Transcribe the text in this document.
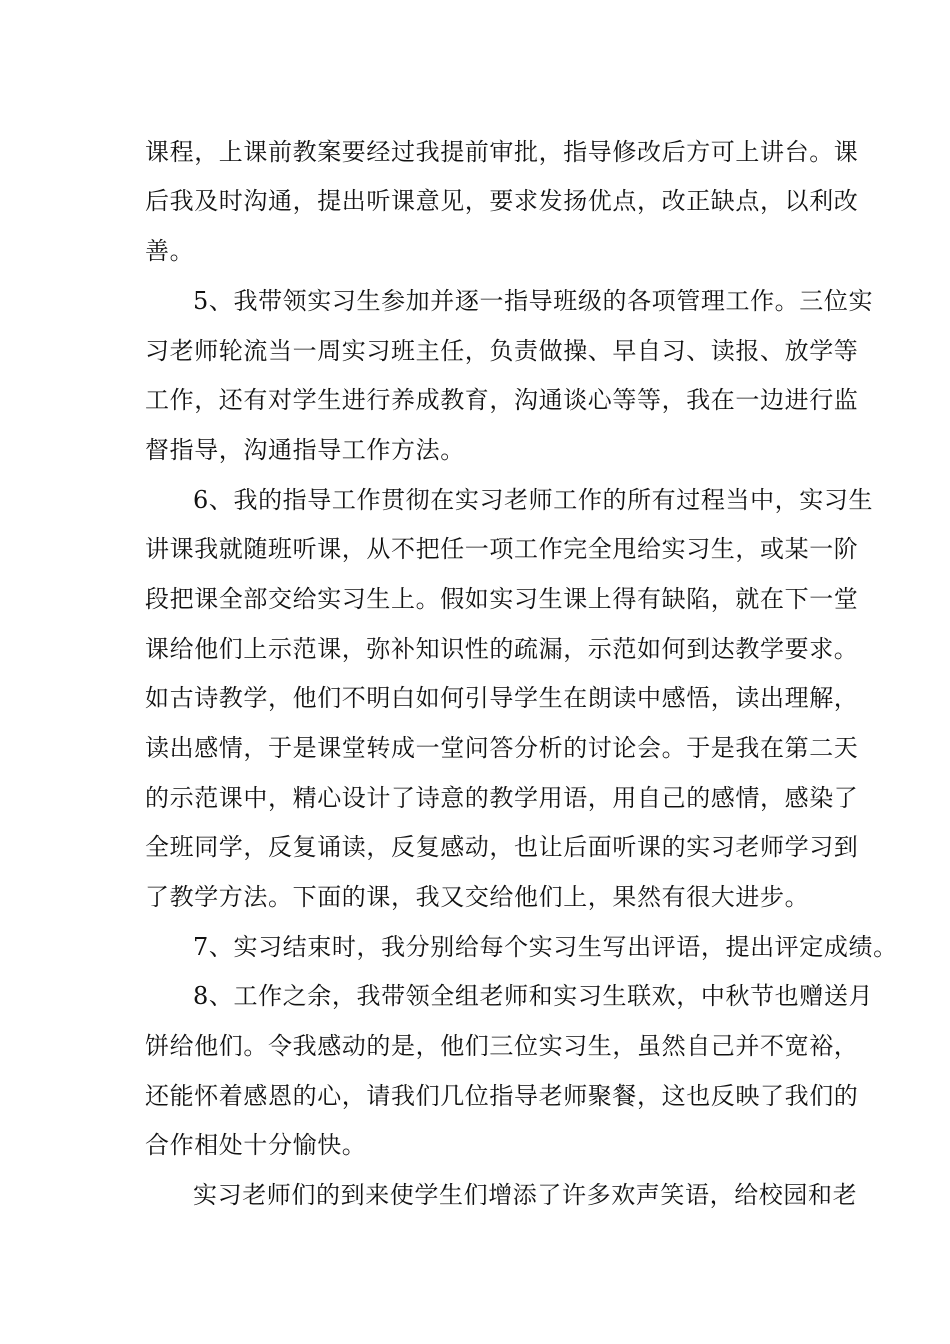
课程，上课前教案要经过我提前审批，指导修改后方可上讲台。课
后我及时沟通，提出听课意见，要求发扬优点，改正缺点，以利改
善。
5、我带领实习生参加并逐一指导班级的各项管理工作。三位实
习老师轮流当一周实习班主任，负责做操、早自习、读报、放学等
工作，还有对学生进行养成教育，沟通谈心等等，我在一边进行监
督指导，沟通指导工作方法。
6、我的指导工作贯彻在实习老师工作的所有过程当中，实习生
讲课我就随班听课，从不把任一项工作完全甩给实习生，或某一阶
段把课全部交给实习生上。假如实习生课上得有缺陷，就在下一堂
课给他们上示范课，弥补知识性的疏漏，示范如何到达教学要求。
如古诗教学，他们不明白如何引导学生在朗读中感悟，读出理解，
读出感情，于是课堂转成一堂问答分析的讨论会。于是我在第二天
的示范课中，精心设计了诗意的教学用语，用自己的感情，感染了
全班同学，反复诵读，反复感动，也让后面听课的实习老师学习到
了教学方法。下面的课，我又交给他们上，果然有很大进步。
7、实习结束时，我分别给每个实习生写出评语，提出评定成绩。
8、工作之余，我带领全组老师和实习生联欢，中秋节也赠送月
饼给他们。令我感动的是，他们三位实习生，虽然自己并不宽裕，
还能怀着感恩的心，请我们几位指导老师聚餐，这也反映了我们的
合作相处十分愉快。
实习老师们的到来使学生们增添了许多欢声笑语，给校园和老
